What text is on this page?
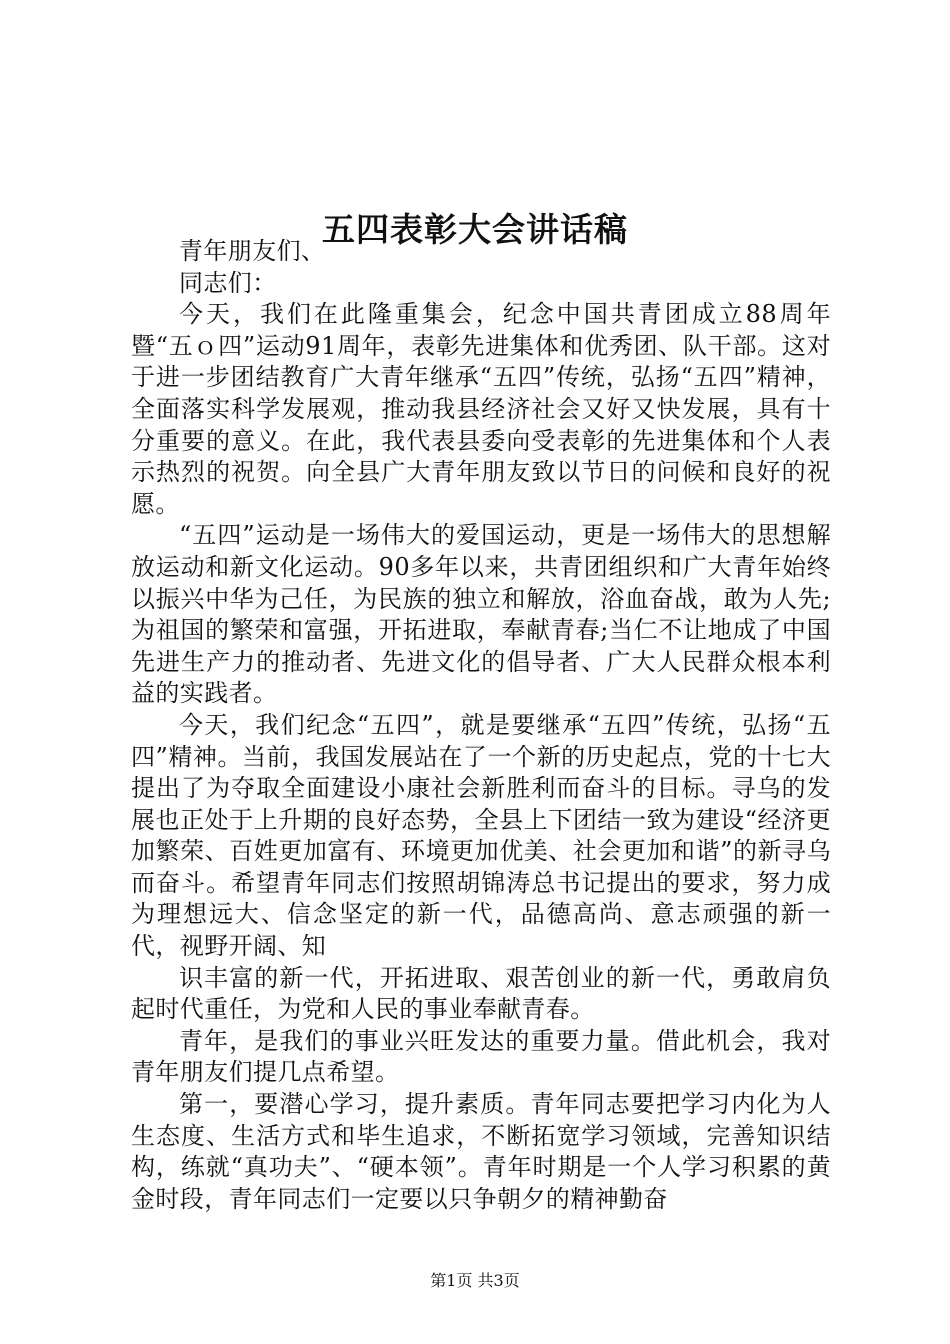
五四表彰大会讲话稿

青年朋友们、

同志们：

今天，我们在此隆重集会，纪念中国共青团成立88周年暨“五ｏ四”运动91周年，表彰先进集体和优秀团、队干部。这对于进一步团结教育广大青年继承“五四”传统，弘扬“五四”精神，全面落实科学发展观，推动我县经济社会又好又快发展，具有十分重要的意义。在此，我代表县委向受表彰的先进集体和个人表示热烈的祝贺。向全县广大青年朋友致以节日的问候和良好的祝愿。

“五四”运动是一场伟大的爱国运动，更是一场伟大的思想解放运动和新文化运动。90多年以来，共青团组织和广大青年始终以振兴中华为己任，为民族的独立和解放，浴血奋战，敢为人先;为祖国的繁荣和富强，开拓进取，奉献青春;当仁不让地成了中国先进生产力的推动者、先进文化的倡导者、广大人民群众根本利益的实践者。

今天，我们纪念“五四”，就是要继承“五四”传统，弘扬“五四”精神。当前，我国发展站在了一个新的历史起点，党的十七大提出了为夺取全面建设小康社会新胜利而奋斗的目标。寻乌的发展也正处于上升期的良好态势，全县上下团结一致为建设“经济更加繁荣、百姓更加富有、环境更加优美、社会更加和谐”的新寻乌而奋斗。希望青年同志们按照胡锦涛总书记提出的要求，努力成为理想远大、信念坚定的新一代，品德高尚、意志顽强的新一代，视野开阔、知

识丰富的新一代，开拓进取、艰苦创业的新一代，勇敢肩负起时代重任，为党和人民的事业奉献青春。

青年，是我们的事业兴旺发达的重要力量。借此机会，我对青年朋友们提几点希望。

第一，要潜心学习，提升素质。青年同志要把学习内化为人生态度、生活方式和毕生追求，不断拓宽学习领域，完善知识结构，练就“真功夫”、“硬本领”。青年时期是一个人学习积累的黄金时段，青年同志们一定要以只争朝夕的精神勤奋

第1页 共3页
